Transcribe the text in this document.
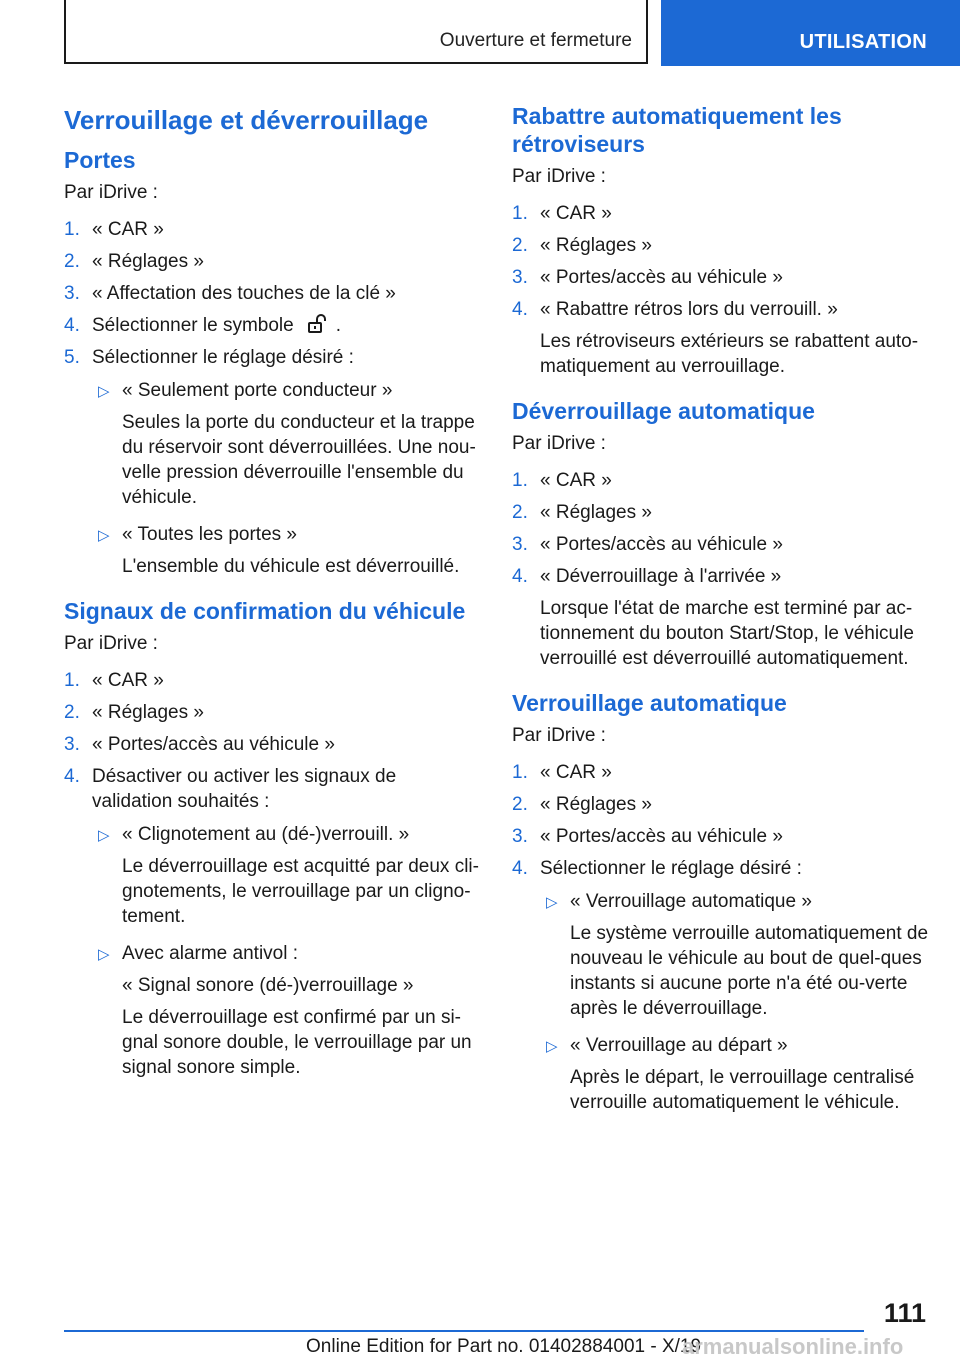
Ouverture et fermeture	UTILISATION
Verrouillage et déverrouillage
Portes

Par iDrive :

1. « CAR »
2. « Réglages »
3. « Affectation des touches de la clé »
4. Sélectionner le symbole .
5. Sélectionner le réglage désiré :
▷ « Seulement porte conducteur »
Seules la porte du conducteur et la trappe du réservoir sont déverrouillées. Une nou-velle pression déverrouille l'ensemble du véhicule.
▷ « Toutes les portes »
L'ensemble du véhicule est déverrouillé.
Signaux de confirmation du véhicule

Par iDrive :

1. « CAR »
2. « Réglages »
3. « Portes/accès au véhicule »
4. Désactiver ou activer les signaux de validation souhaités :
▷ « Clignotement au (dé-)verrouill. »
Le déverrouillage est acquitté par deux cli-gnotements, le verrouillage par un cligno-tement.
▷ Avec alarme antivol :
« Signal sonore (dé-)verrouillage »
Le déverrouillage est confirmé par un si-gnal sonore double, le verrouillage par un signal sonore simple.
Rabattre automatiquement les rétroviseurs

Par iDrive :

1. « CAR »
2. « Réglages »
3. « Portes/accès au véhicule »
4. « Rabattre rétros lors du verrouill. »
Les rétroviseurs extérieurs se rabattent auto-matiquement au verrouillage.
Déverrouillage automatique

Par iDrive :

1. « CAR »
2. « Réglages »
3. « Portes/accès au véhicule »
4. « Déverrouillage à l'arrivée »
Lorsque l'état de marche est terminé par ac-tionnement du bouton Start/Stop, le véhicule verrouillé est déverrouillé automatiquement.
Verrouillage automatique

Par iDrive :

1. « CAR »
2. « Réglages »
3. « Portes/accès au véhicule »
4. Sélectionner le réglage désiré :
▷ « Verrouillage automatique »
Le système verrouille automatiquement de nouveau le véhicule au bout de quel-ques instants si aucune porte n'a été ou-verte après le déverrouillage.
▷ « Verrouillage au départ »
Après le départ, le verrouillage centralisé verrouille automatiquement le véhicule.
111
Online Edition for Part no. 01402884001 - X/19
armanualsonline.info
